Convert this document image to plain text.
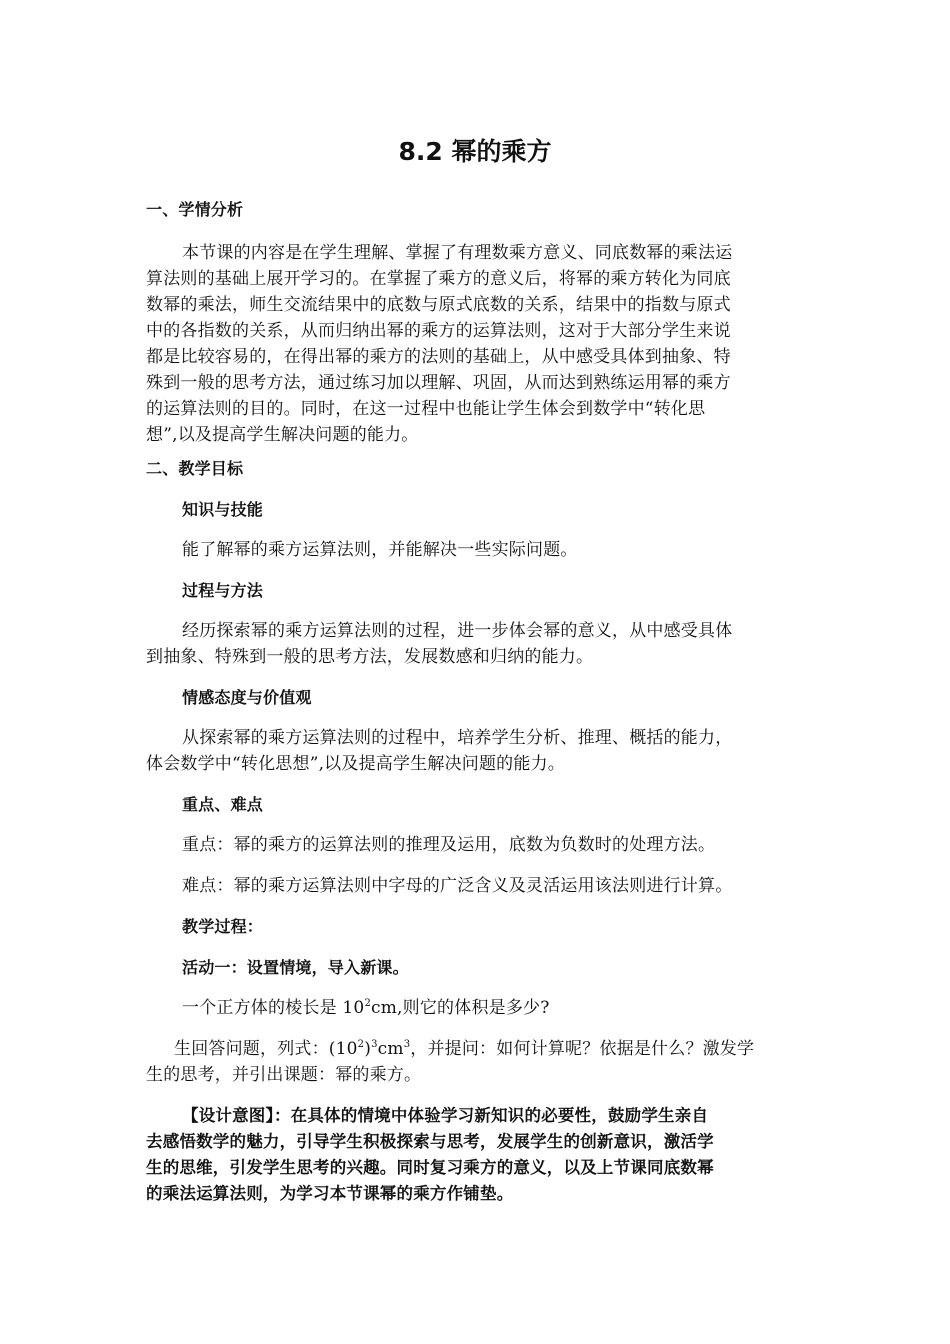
8.2 幂的乘方
一、学情分析
本节课的内容是在学生理解、掌握了有理数乘方意义、同底数幂的乘法运
算法则的基础上展开学习的。在掌握了乘方的意义后，将幂的乘方转化为同底
数幂的乘法，师生交流结果中的底数与原式底数的关系，结果中的指数与原式
中的各指数的关系，从而归纳出幂的乘方的运算法则，这对于大部分学生来说
都是比较容易的，在得出幂的乘方的法则的基础上，从中感受具体到抽象、特
殊到一般的思考方法，通过练习加以理解、巩固，从而达到熟练运用幂的乘方
的运算法则的目的。同时，在这一过程中也能让学生体会到数学中“转化思
想”,以及提高学生解决问题的能力。
二、教学目标
知识与技能
能了解幂的乘方运算法则，并能解决一些实际问题。
过程与方法
经历探索幂的乘方运算法则的过程，进一步体会幂的意义，从中感受具体
到抽象、特殊到一般的思考方法，发展数感和归纳的能力。
情感态度与价值观
从探索幂的乘方运算法则的过程中，培养学生分析、推理、概括的能力，
体会数学中“转化思想”,以及提高学生解决问题的能力。
重点、难点
重点：幂的乘方的运算法则的推理及运用，底数为负数时的处理方法。
难点：幂的乘方运算法则中字母的广泛含义及灵活运用该法则进行计算。
教学过程：
活动一：设置情境，导入新课。
一个正方体的棱长是 $10^2cm$,则它的体积是多少?
生回答问题，列式：$(10^2)^3cm^3$，并提问：如何计算呢？依据是什么？激发学
生的思考，并引出课题：幂的乘方。
【设计意图】：在具体的情境中体验学习新知识的必要性，鼓励学生亲自
去感悟数学的魅力，引导学生积极探索与思考，发展学生的创新意识，激活学
生的思维，引发学生思考的兴趣。同时复习乘方的意义，以及上节课同底数幂
的乘法运算法则，为学习本节课幂的乘方作铺垫。
